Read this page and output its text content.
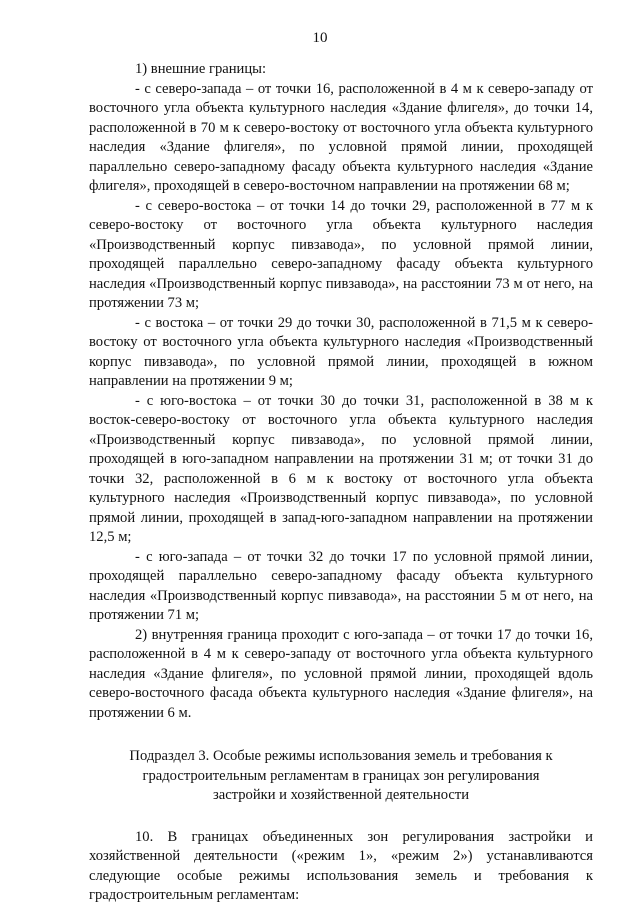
10

1) внешние границы:

- с северо-запада – от точки 16, расположенной в 4 м к северо-западу от восточного угла объекта культурного наследия «Здание флигеля», до точки 14, расположенной в 70 м к северо-востоку от восточного угла объекта культурного наследия «Здание флигеля», по условной прямой линии, проходящей параллельно северо-западному фасаду объекта культурного наследия «Здание флигеля», проходящей в северо-восточном направлении на протяжении 68 м;

- с северо-востока – от точки 14 до точки 29, расположенной в 77 м к северо-востоку от восточного угла объекта культурного наследия «Производственный корпус пивзавода», по условной прямой линии, проходящей параллельно северо-западному фасаду объекта культурного наследия «Производственный корпус пивзавода», на расстоянии 73 м от него, на протяжении 73 м;

- с востока – от точки 29 до точки 30, расположенной в 71,5 м к северо-востоку от восточного угла объекта культурного наследия «Производственный корпус пивзавода», по условной прямой линии, проходящей в южном направлении на протяжении 9 м;

- с юго-востока – от точки 30 до точки 31, расположенной в 38 м к восток-северо-востоку от восточного угла объекта культурного наследия «Производственный корпус пивзавода», по условной прямой линии, проходящей в юго-западном направлении на протяжении 31 м; от точки 31 до точки 32, расположенной в 6 м к востоку от восточного угла объекта культурного наследия «Производственный корпус пивзавода», по условной прямой линии, проходящей в запад-юго-западном направлении на протяжении 12,5 м;

- с юго-запада – от точки 32 до точки 17 по условной прямой линии, проходящей параллельно северо-западному фасаду объекта культурного наследия «Производственный корпус пивзавода», на расстоянии 5 м от него, на протяжении 71 м;

2) внутренняя граница проходит с юго-запада – от точки 17 до точки 16, расположенной в 4 м к северо-западу от восточного угла объекта культурного наследия «Здание флигеля», по условной прямой линии, проходящей вдоль северо-восточного фасада объекта культурного наследия «Здание флигеля», на протяжении 6 м.

Подраздел 3. Особые режимы использования земель и требования к
градостроительным регламентам в границах зон регулирования
застройки и хозяйственной деятельности

10. В границах объединенных зон регулирования застройки и хозяйственной деятельности («режим 1», «режим 2») устанавливаются следующие особые режимы использования земель и требования к градостроительным регламентам:
